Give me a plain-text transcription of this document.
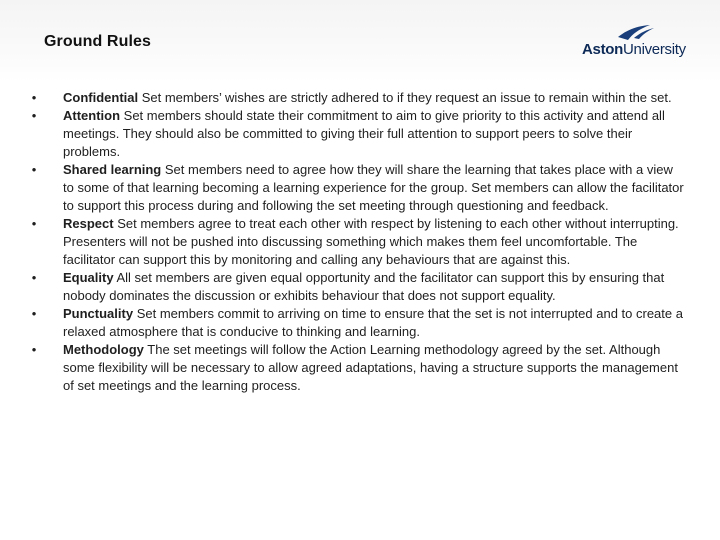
Ground Rules	AstonUniversity
• Confidential Set members’ wishes are strictly adhered to if they request an issue to remain within the set.
• Attention Set members should state their commitment to aim to give priority to this activity and attend all meetings. They should also be committed to giving their full attention to support peers to solve their problems.
• Shared learning Set members need to agree how they will share the learning that takes place with a view to some of that learning becoming a learning experience for the group. Set members can allow the facilitator to support this process during and following the set meeting through questioning and feedback.
• Respect Set members agree to treat each other with respect by listening to each other without interrupting. Presenters will not be pushed into discussing something which makes them feel uncomfortable. The facilitator can support this by monitoring and calling any behaviours that are against this.
• Equality All set members are given equal opportunity and the facilitator can support this by ensuring that nobody dominates the discussion or exhibits behaviour that does not support equality.
• Punctuality Set members commit to arriving on time to ensure that the set is not interrupted and to create a relaxed atmosphere that is conducive to thinking and learning.
• Methodology The set meetings will follow the Action Learning methodology agreed by the set. Although some flexibility will be necessary to allow agreed adaptations, having a structure supports the management of set meetings and the learning process.
